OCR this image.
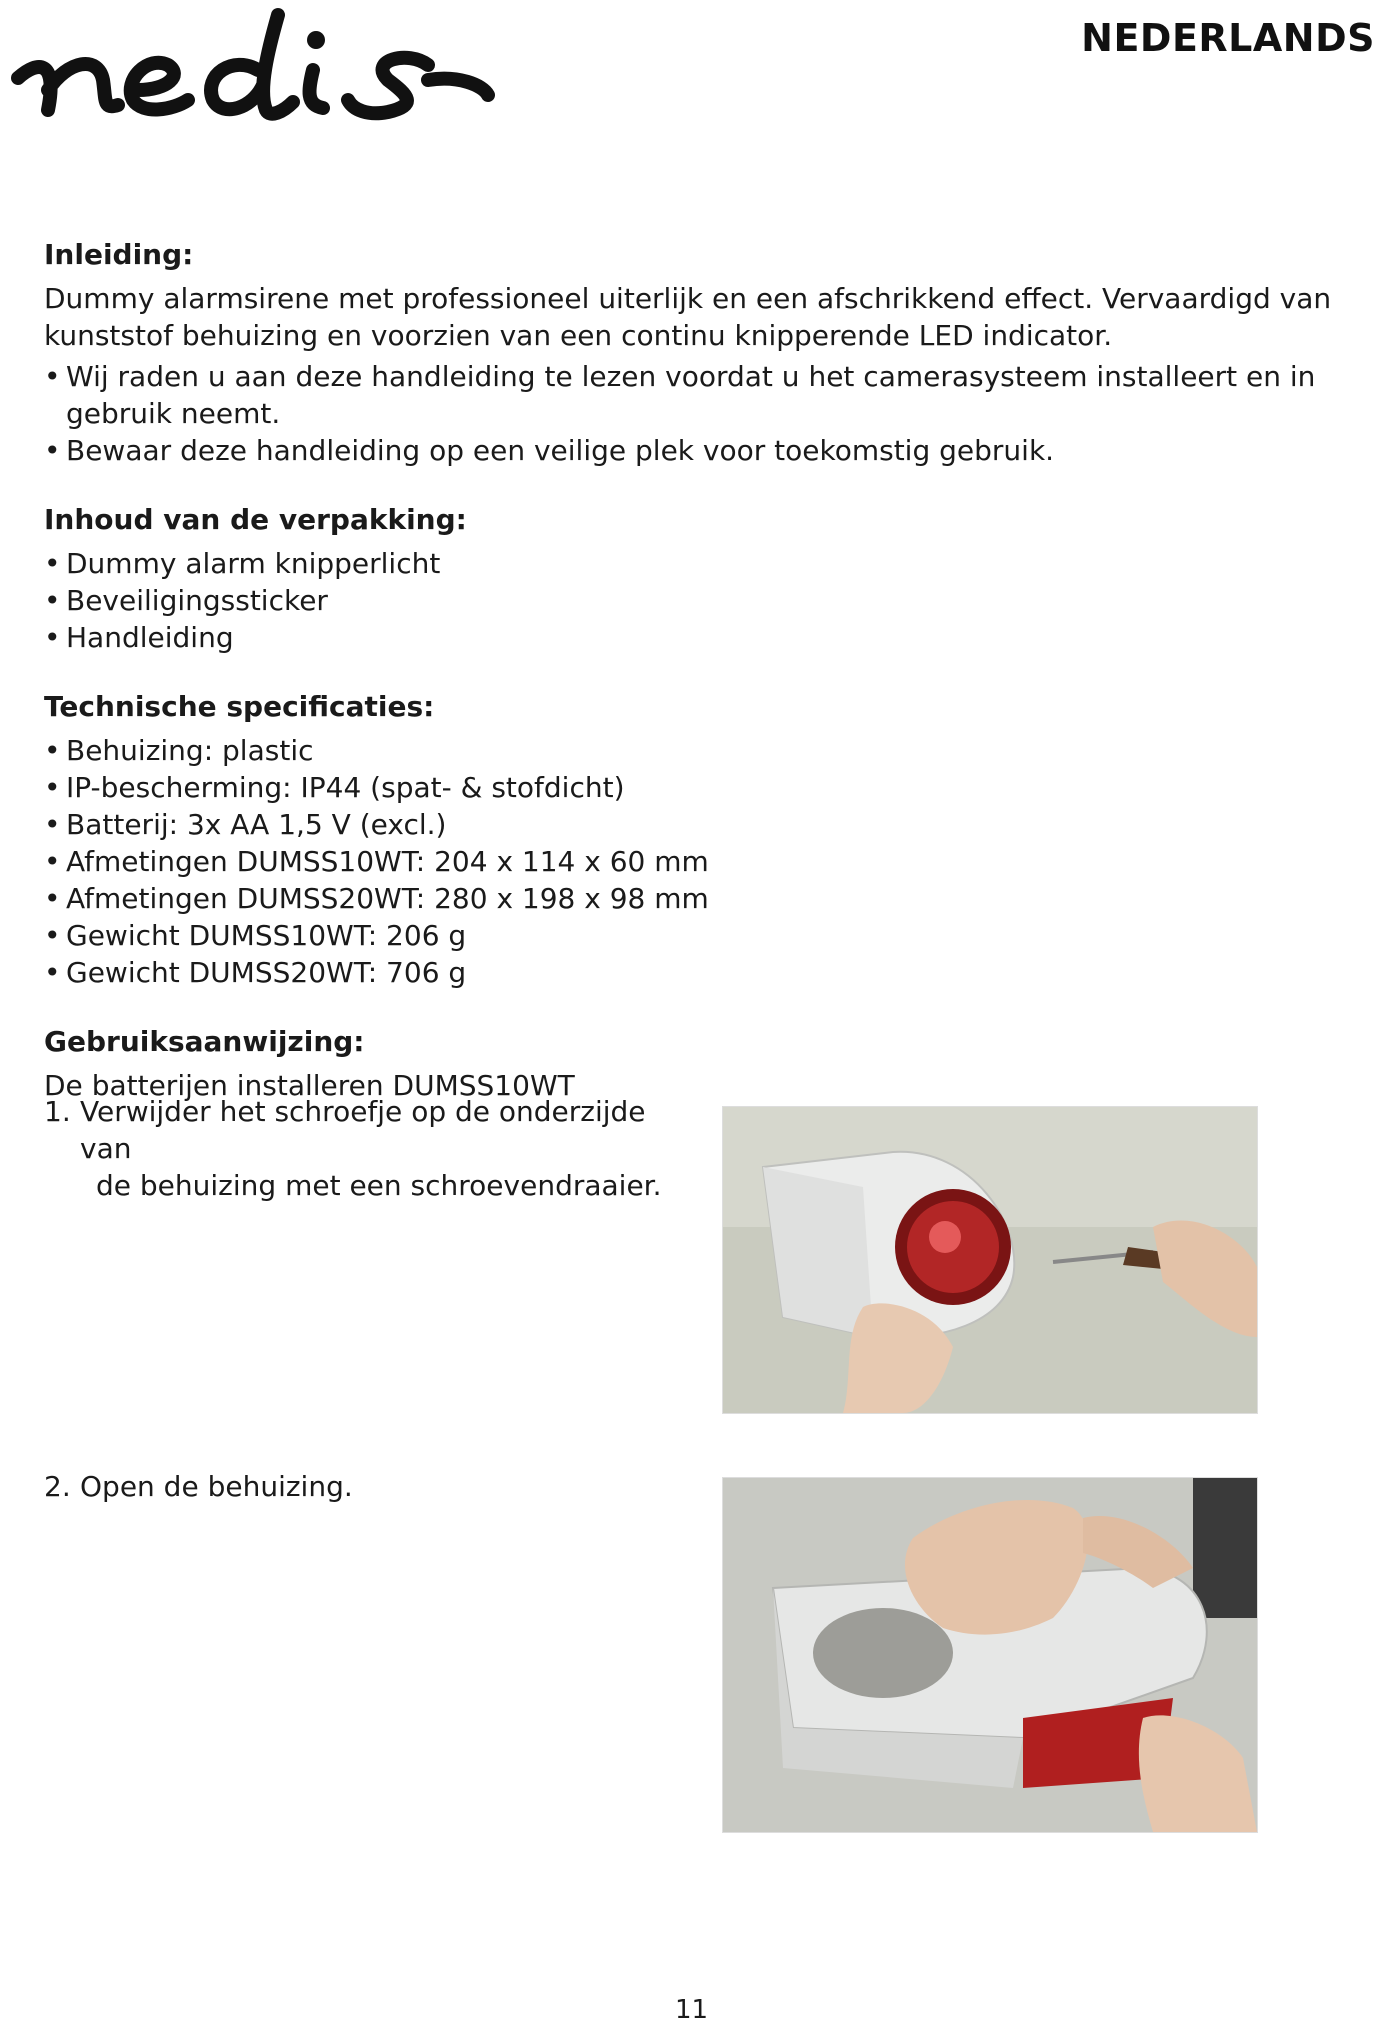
NEDERLANDS
Inleiding:

Dummy alarmsirene met professioneel uiterlijk en een afschrikkend effect. Vervaardigd van kunststof behuizing en voorzien van een continu knipperende LED indicator.

• Wij raden u aan deze handleiding te lezen voordat u het camerasysteem installeert en in gebruik neemt.
• Bewaar deze handleiding op een veilige plek voor toekomstig gebruik.
Inhoud van de verpakking:
• Dummy alarm knipperlicht
• Beveiligingssticker
• Handleiding
Technische specificaties:
• Behuizing: plastic
• IP-bescherming: IP44 (spat- & stofdicht)
• Batterij: 3x AA 1,5 V (excl.)
• Afmetingen DUMSS10WT: 204 x 114 x 60 mm
• Afmetingen DUMSS20WT: 280 x 198 x 98 mm
• Gewicht DUMSS10WT: 206 g
• Gewicht DUMSS20WT: 706 g
Gebruiksaanwijzing:

De batterijen installeren DUMSS10WT

1. Verwijder het schroefje op de onderzijde van
de behuizing met een schroevendraaier.
2. Open de behuizing.
11
